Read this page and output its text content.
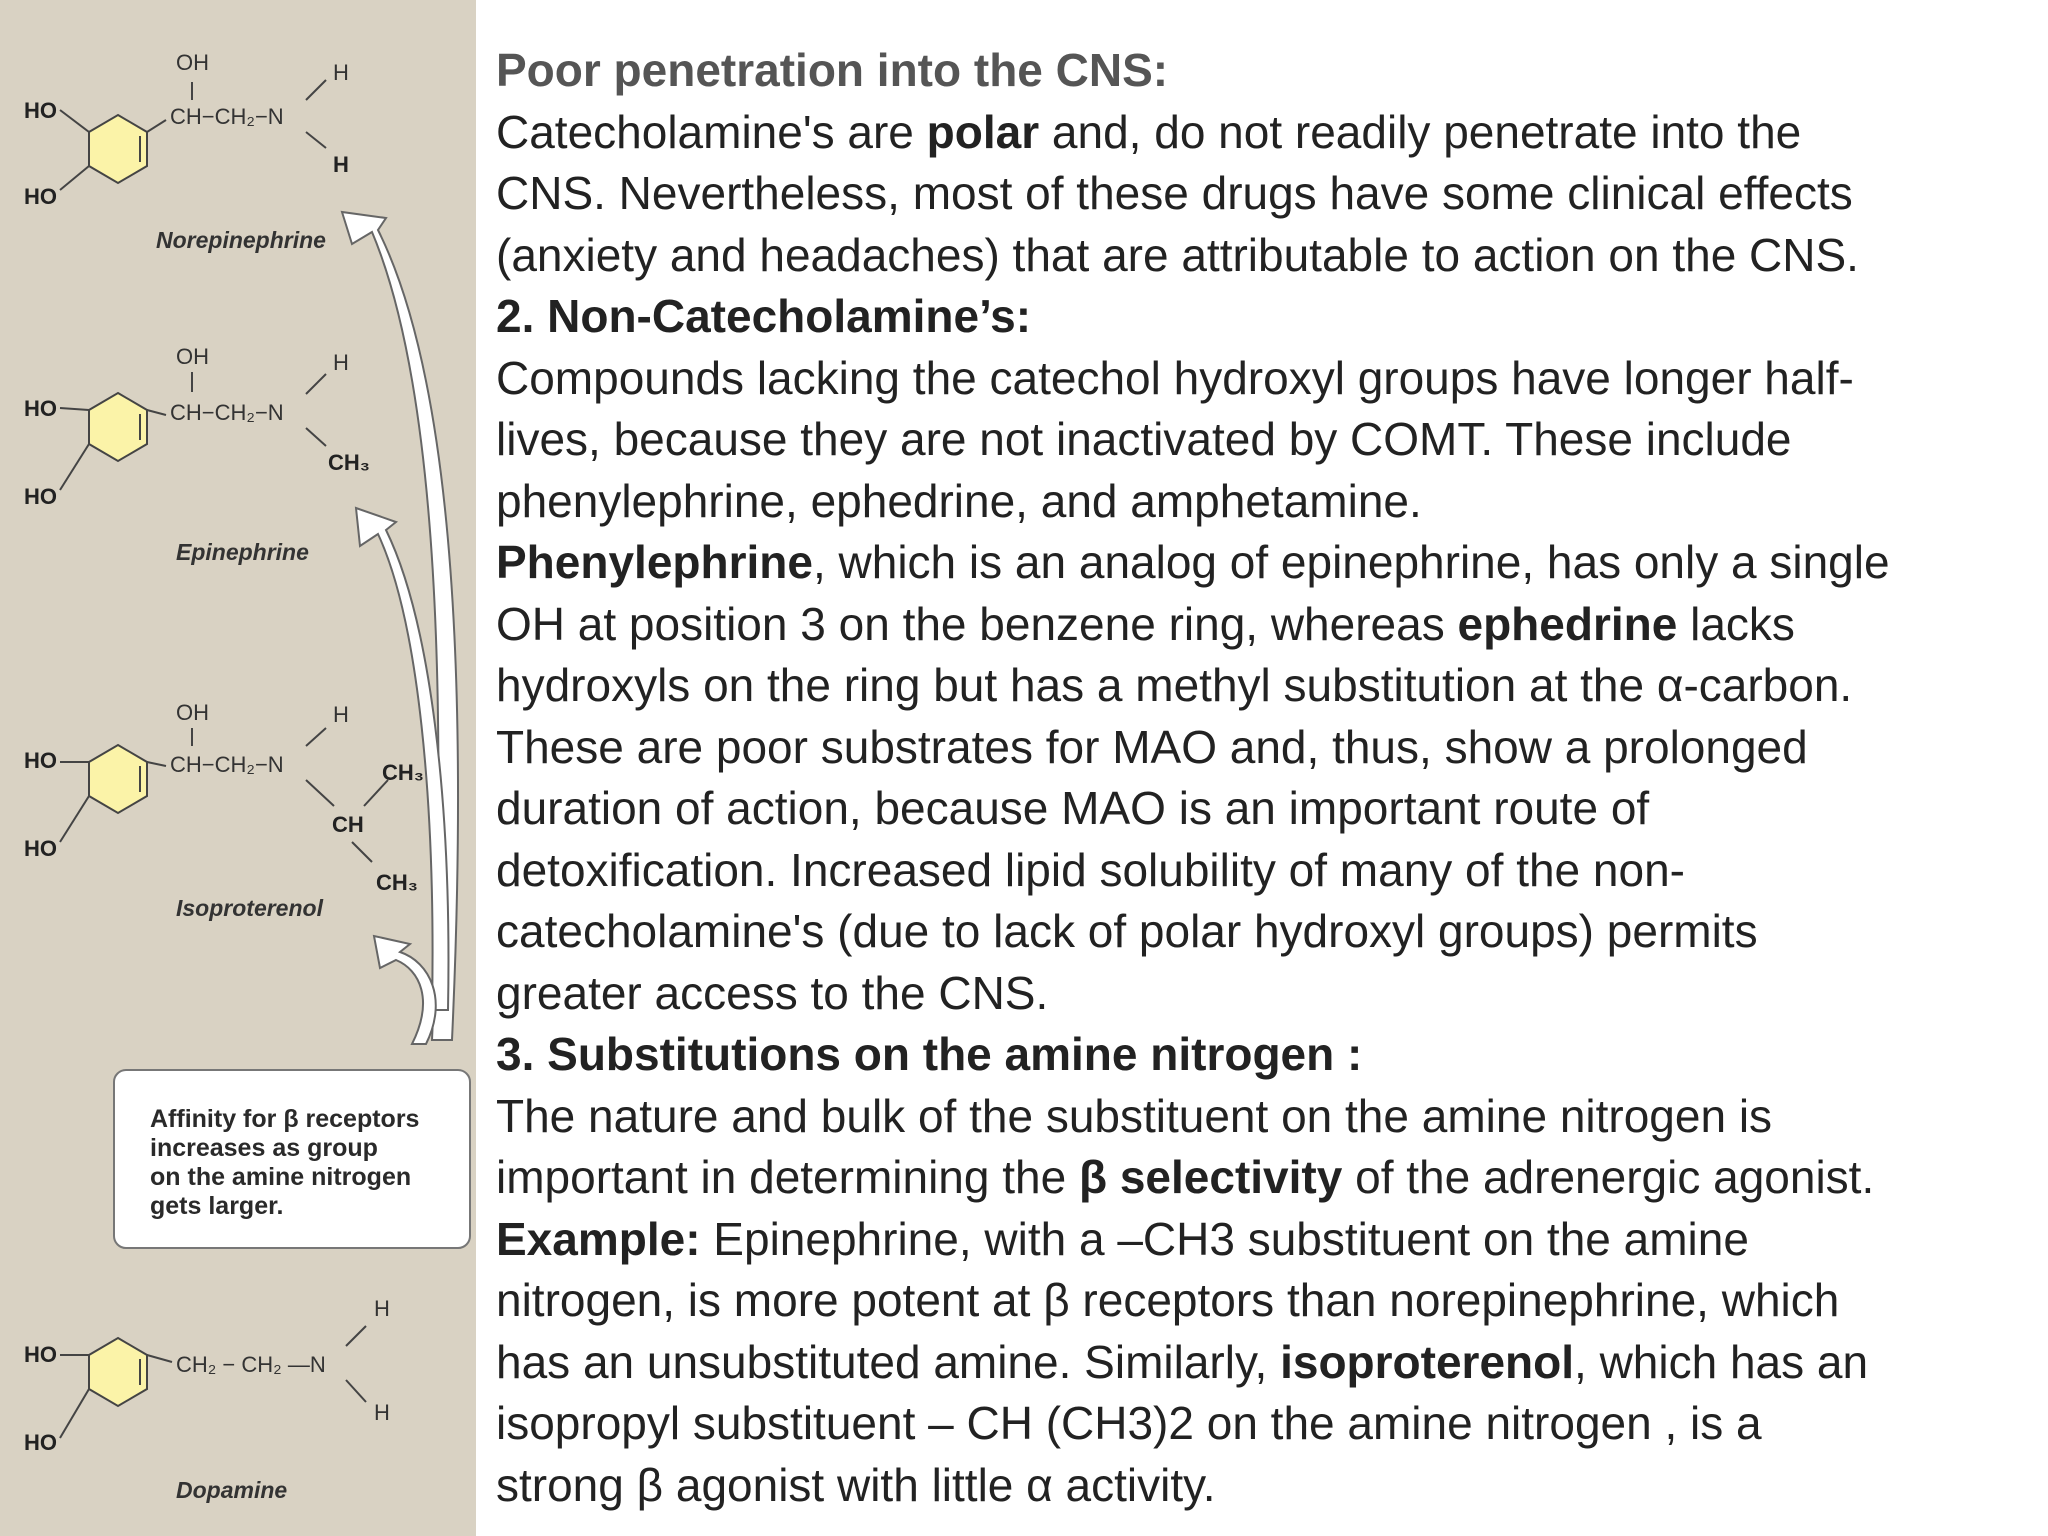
OH
HO
HO
CH−CH₂−N
H
H
Norepinephrine
OH
HO
HO
CH−CH₂−N
H
CH₃
Epinephrine
OH
HO
HO
CH−CH₂−N
H
CH
CH₃
CH₃
Isoproterenol
Affinity for β receptors
increases as group
on the amine nitrogen
gets larger.
HO
HO
CH₂ − CH₂ —N
H
H
Dopamine

Poor penetration into the CNS:

Catecholamine's are polar and, do not readily penetrate into the

CNS. Nevertheless, most of these drugs have some clinical effects

(anxiety and headaches) that are attributable to action on the CNS.

2. Non-Catecholamine’s:

Compounds lacking the catechol hydroxyl groups have longer half-

lives, because they are not inactivated by COMT. These include

phenylephrine, ephedrine, and amphetamine.

Phenylephrine, which is an analog of epinephrine, has only a single

OH at position 3 on the benzene ring, whereas ephedrine lacks

hydroxyls on the ring but has a methyl substitution at the α-carbon.

These are poor substrates for MAO and, thus, show a prolonged

duration of action, because MAO is an important route of

detoxification. Increased lipid solubility of many of the non-

catecholamine's (due to lack of polar hydroxyl groups) permits

greater access to the CNS.

3. Substitutions on the amine nitrogen :

The nature and bulk of the substituent on the amine nitrogen is

important in determining the β selectivity of the adrenergic agonist.

Example: Epinephrine, with a –CH3 substituent on the amine

nitrogen, is more potent at β receptors than norepinephrine, which

has an unsubstituted amine. Similarly, isoproterenol, which has an

isopropyl substituent – CH (CH3)2 on the amine nitrogen , is a

strong β agonist with little α activity.
